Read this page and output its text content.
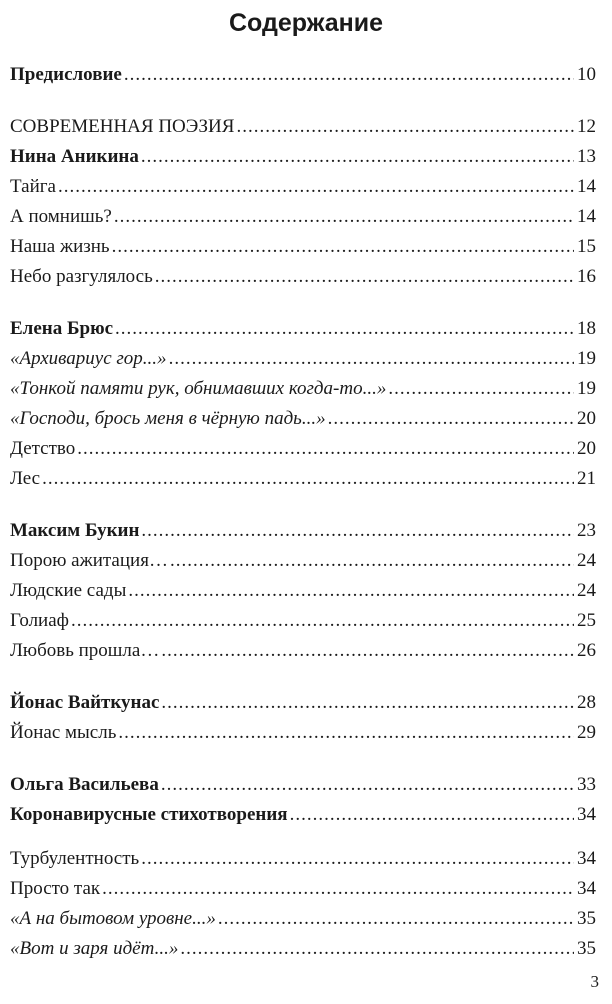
Содержание
Предисловие .....	10
СОВРЕМЕННАЯ ПОЭЗИЯ .....	12
Нина Аникина .....	13
Тайга .....	14
А помнишь? .....	14
Наша жизнь .....	15
Небо разгулялось .....	16
Елена Брюс .....	18
«Архивариус гор...» .....	19
«Тонкой памяти рук, обнимавших когда-то...» .....	19
«Господи, брось меня в чёрную падь...» .....	20
Детство .....	20
Лес .....	21
Максим Букин .....	23
Порою ажитация… .....	24
Людские сады .....	24
Голиаф .....	25
Любовь прошла… .....	26
Йонас Вайткунас .....	28
Йонас мысль .....	29
Ольга Васильева .....	33
Коронавирусные стихотворения .....	34
Турбулентность .....	34
Просто так .....	34
«А на бытовом уровне...» .....	35
«Вот и заря идёт...» .....	35
3
